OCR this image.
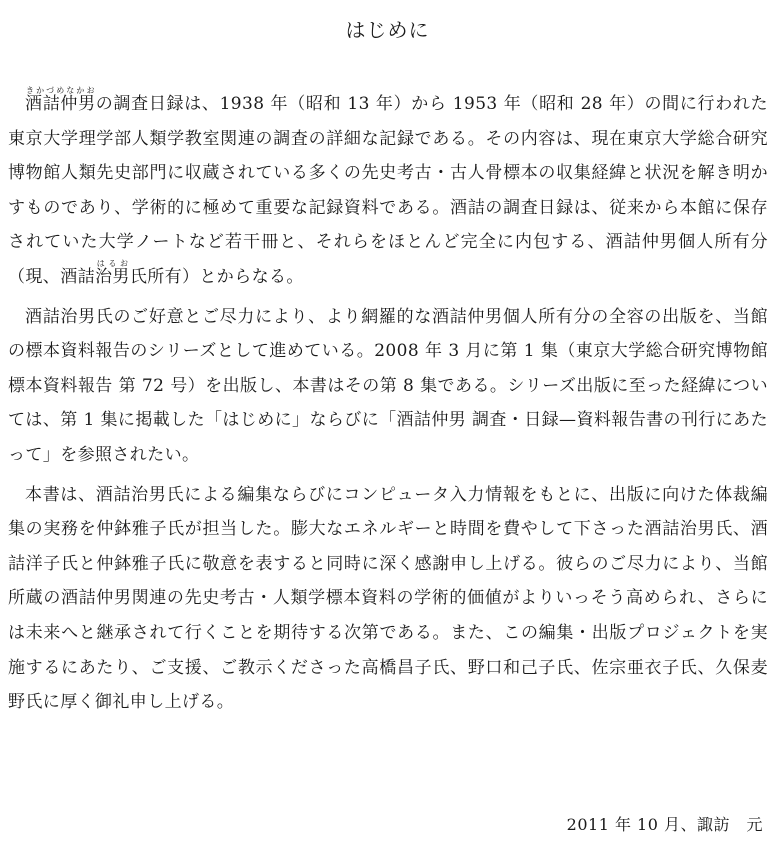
はじめに

酒詰仲男きかづめなかおの調査日録は、1938 年（昭和 13 年）から 1953 年（昭和 28 年）の間に行われた東京大学理学部人類学教室関連の調査の詳細な記録である。その内容は、現在東京大学総合研究博物館人類先史部門に収蔵されている多くの先史考古・古人骨標本の収集経緯と状況を解き明かすものであり、学術的に極めて重要な記録資料である。酒詰の調査日録は、従来から本館に保存されていた大学ノートなど若干冊と、それらをほとんど完全に内包する、酒詰仲男個人所有分（現、酒詰治男はるお氏所有）とからなる。

酒詰治男氏のご好意とご尽力により、より網羅的な酒詰仲男個人所有分の全容の出版を、当館の標本資料報告のシリーズとして進めている。2008 年 3 月に第 1 集（東京大学総合研究博物館 標本資料報告 第 72 号）を出版し、本書はその第 8 集である。シリーズ出版に至った経緯については、第 1 集に掲載した「はじめに」ならびに「酒詰仲男 調査・日録—資料報告書の刊行にあたって」を参照されたい。

本書は、酒詰治男氏による編集ならびにコンピュータ入力情報をもとに、出版に向けた体裁編集の実務を仲鉢雅子氏が担当した。膨大なエネルギーと時間を費やして下さった酒詰治男氏、酒詰洋子氏と仲鉢雅子氏に敬意を表すると同時に深く感謝申し上げる。彼らのご尽力により、当館所蔵の酒詰仲男関連の先史考古・人類学標本資料の学術的価値がよりいっそう高められ、さらには未来へと継承されて行くことを期待する次第である。また、この編集・出版プロジェクトを実施するにあたり、ご支援、ご教示くださった高橋昌子氏、野口和己子氏、佐宗亜衣子氏、久保麦野氏に厚く御礼申し上げる。

2011 年 10 月、諏訪　元
